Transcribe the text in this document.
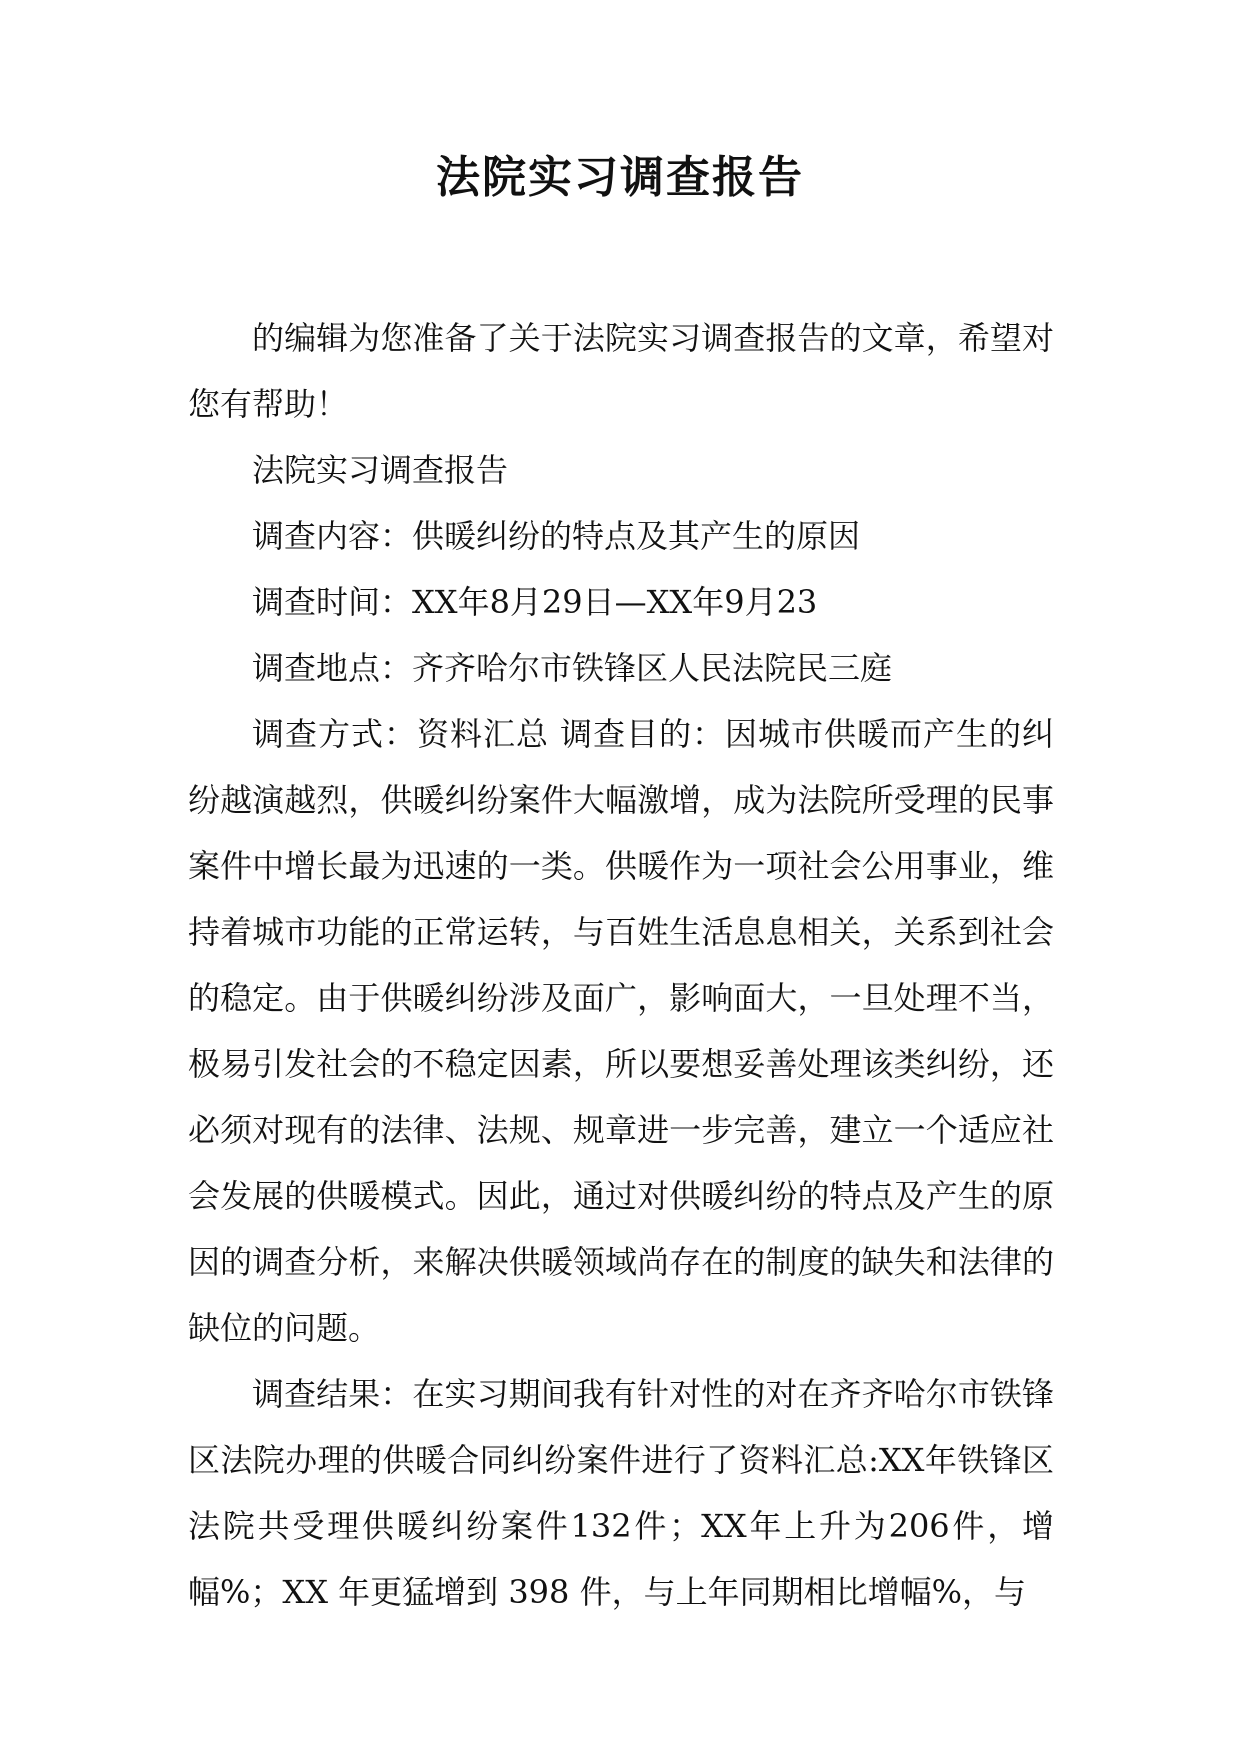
法院实习调查报告

的编辑为您准备了关于法院实习调查报告的文章，希望对您有帮助！

法院实习调查报告

调查内容：供暖纠纷的特点及其产生的原因

调查时间：XX年8月29日—XX年9月23

调查地点：齐齐哈尔市铁锋区人民法院民三庭

调查方式：资料汇总 调查目的：因城市供暖而产生的纠纷越演越烈，供暖纠纷案件大幅激增，成为法院所受理的民事案件中增长最为迅速的一类。供暖作为一项社会公用事业，维持着城市功能的正常运转，与百姓生活息息相关，关系到社会的稳定。由于供暖纠纷涉及面广，影响面大，一旦处理不当，极易引发社会的不稳定因素，所以要想妥善处理该类纠纷，还必须对现有的法律、法规、规章进一步完善，建立一个适应社会发展的供暖模式。因此，通过对供暖纠纷的特点及产生的原因的调查分析，来解决供暖领域尚存在的制度的缺失和法律的缺位的问题。

调查结果：在实习期间我有针对性的对在齐齐哈尔市铁锋区法院办理的供暖合同纠纷案件进行了资料汇总:XX年铁锋区法院共受理供暖纠纷案件132件；XX年上升为206件，增幅%；XX 年更猛增到 398 件，与上年同期相比增幅%，与
